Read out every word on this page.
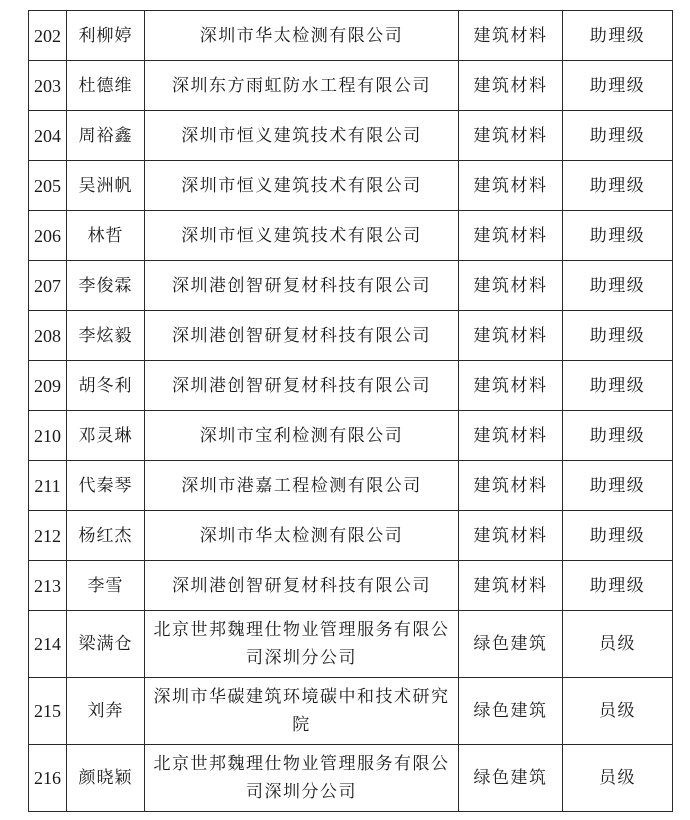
202	利柳婷	深圳市华太检测有限公司	建筑材料	助理级
203	杜德维	深圳东方雨虹防水工程有限公司	建筑材料	助理级
204	周裕鑫	深圳市恒义建筑技术有限公司	建筑材料	助理级
205	吴洲帆	深圳市恒义建筑技术有限公司	建筑材料	助理级
206	林哲	深圳市恒义建筑技术有限公司	建筑材料	助理级
207	李俊霖	深圳港创智研复材科技有限公司	建筑材料	助理级
208	李炫毅	深圳港创智研复材科技有限公司	建筑材料	助理级
209	胡冬利	深圳港创智研复材科技有限公司	建筑材料	助理级
210	邓灵琳	深圳市宝利检测有限公司	建筑材料	助理级
211	代秦琴	深圳市港嘉工程检测有限公司	建筑材料	助理级
212	杨红杰	深圳市华太检测有限公司	建筑材料	助理级
213	李雪	深圳港创智研复材科技有限公司	建筑材料	助理级
214	梁满仓	北京世邦魏理仕物业管理服务有限公司深圳分公司	绿色建筑	员级
215	刘奔	深圳市华碳建筑环境碳中和技术研究院	绿色建筑	员级
216	颜晓颖	北京世邦魏理仕物业管理服务有限公司深圳分公司	绿色建筑	员级
